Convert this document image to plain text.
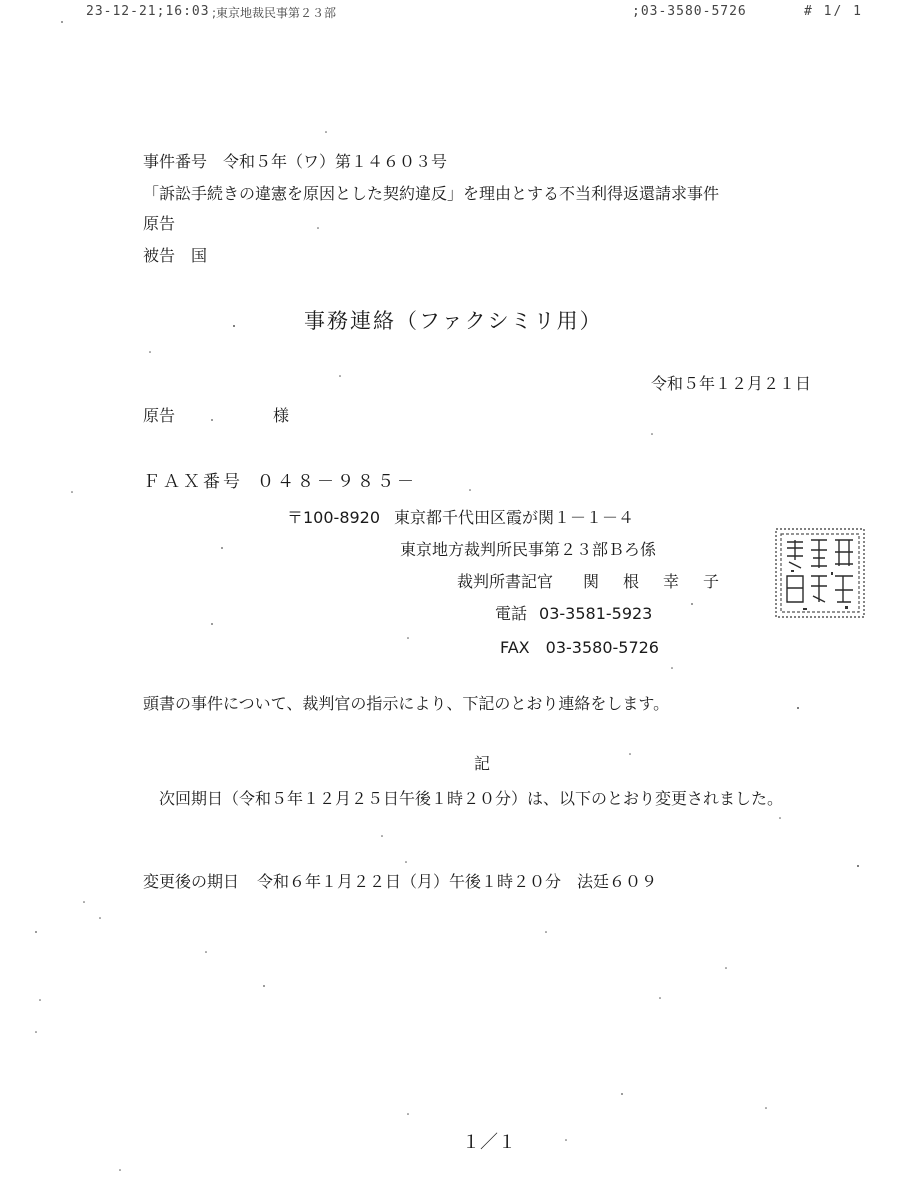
23-12-21;16:03 ;東京地裁民事第２３部	;03-3580-5726	# 1/ 1
事件番号　令和５年（ワ）第１４６０３号
「訴訟手続きの違憲を原因とした契約違反」を理由とする不当利得返還請求事件
原告
被告 国
事務連絡（ファクシミリ用）
令和５年１２月２１日
原告	様
ＦＡＸ番号 ０４８－９８５－
〒100-8920 東京都千代田区霞が関１－１－４
東京地方裁判所民事第２３部Ｂろ係
裁判所書記官 関根幸子
電話 03-3581-5923
FAX 03-3580-5726
頭書の事件について、裁判官の指示により、下記のとおり連絡をします。
記
次回期日（令和５年１２月２５日午後１時２０分）は、以下のとおり変更されました。
変更後の期日 令和６年１月２２日（月）午後１時２０分　法廷６０９
１／１
